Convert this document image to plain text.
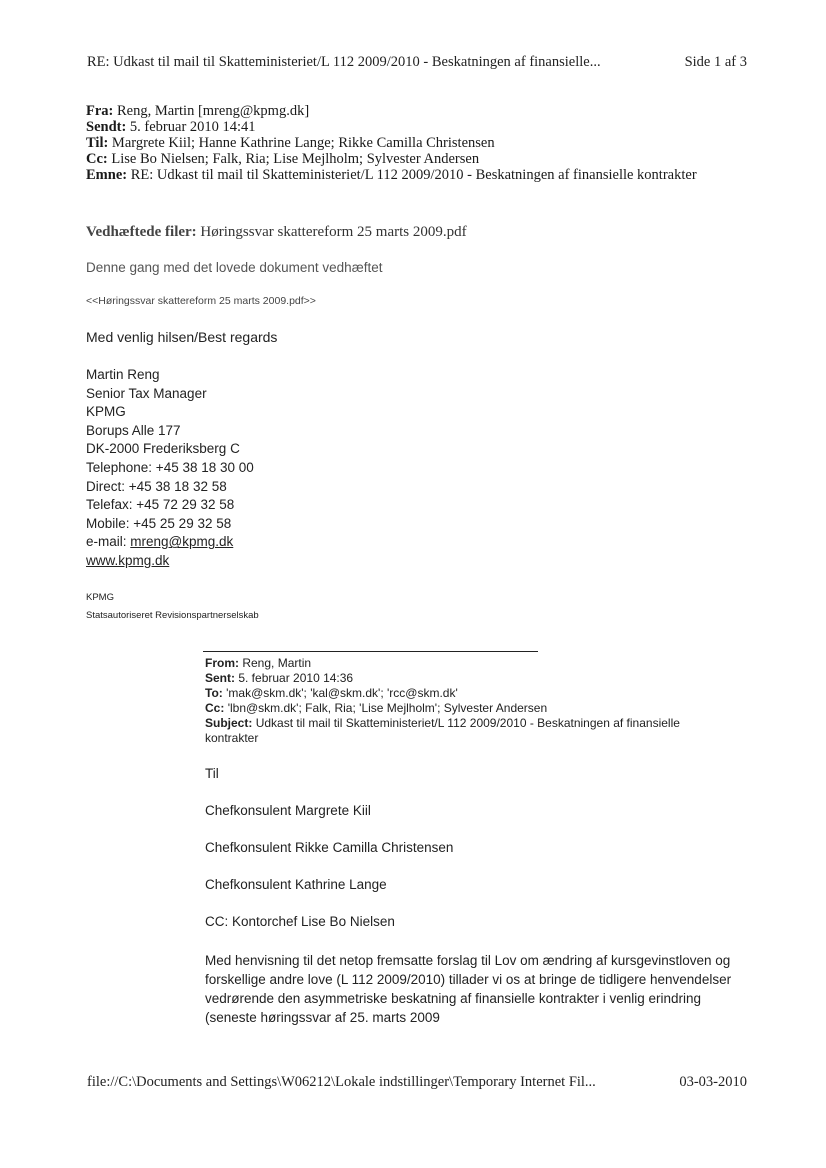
RE: Udkast til mail til Skatteministeriet/L 112 2009/2010 - Beskatningen af finansielle...	Side 1 af 3
Fra: Reng, Martin [mreng@kpmg.dk]
Sendt: 5. februar 2010 14:41
Til: Margrete Kiil; Hanne Kathrine Lange; Rikke Camilla Christensen
Cc: Lise Bo Nielsen; Falk, Ria; Lise Mejlholm; Sylvester Andersen
Emne: RE: Udkast til mail til Skatteministeriet/L 112 2009/2010 - Beskatningen af finansielle kontrakter
Vedhæftede filer: Høringssvar skattereform 25 marts 2009.pdf
Denne gang med det lovede dokument vedhæftet
<<Høringssvar skattereform 25 marts 2009.pdf>>
Med venlig hilsen/Best regards
Martin Reng
Senior Tax Manager
KPMG
Borups Alle 177
DK-2000 Frederiksberg C
Telephone: +45 38 18 30 00
Direct: +45 38 18 32 58
Telefax: +45 72 29 32 58
Mobile: +45 25 29 32 58
e-mail: mreng@kpmg.dk
www.kpmg.dk
KPMG
Statsautoriseret Revisionspartnerselskab
From: Reng, Martin
Sent: 5. februar 2010 14:36
To: 'mak@skm.dk'; 'kal@skm.dk'; 'rcc@skm.dk'
Cc: 'lbn@skm.dk'; Falk, Ria; 'Lise Mejlholm'; Sylvester Andersen
Subject: Udkast til mail til Skatteministeriet/L 112 2009/2010 - Beskatningen af finansielle kontrakter
Til
Chefkonsulent Margrete Kiil
Chefkonsulent Rikke Camilla Christensen
Chefkonsulent Kathrine Lange
CC: Kontorchef Lise Bo Nielsen
Med henvisning til det netop fremsatte forslag til Lov om ændring af kursgevinstloven og forskellige andre love (L 112 2009/2010) tillader vi os at bringe de tidligere henvendelser vedrørende den asymmetriske beskatning af finansielle kontrakter i venlig erindring (seneste høringssvar af 25. marts 2009
file://C:\Documents and Settings\W06212\Lokale indstillinger\Temporary Internet Fil...	03-03-2010
